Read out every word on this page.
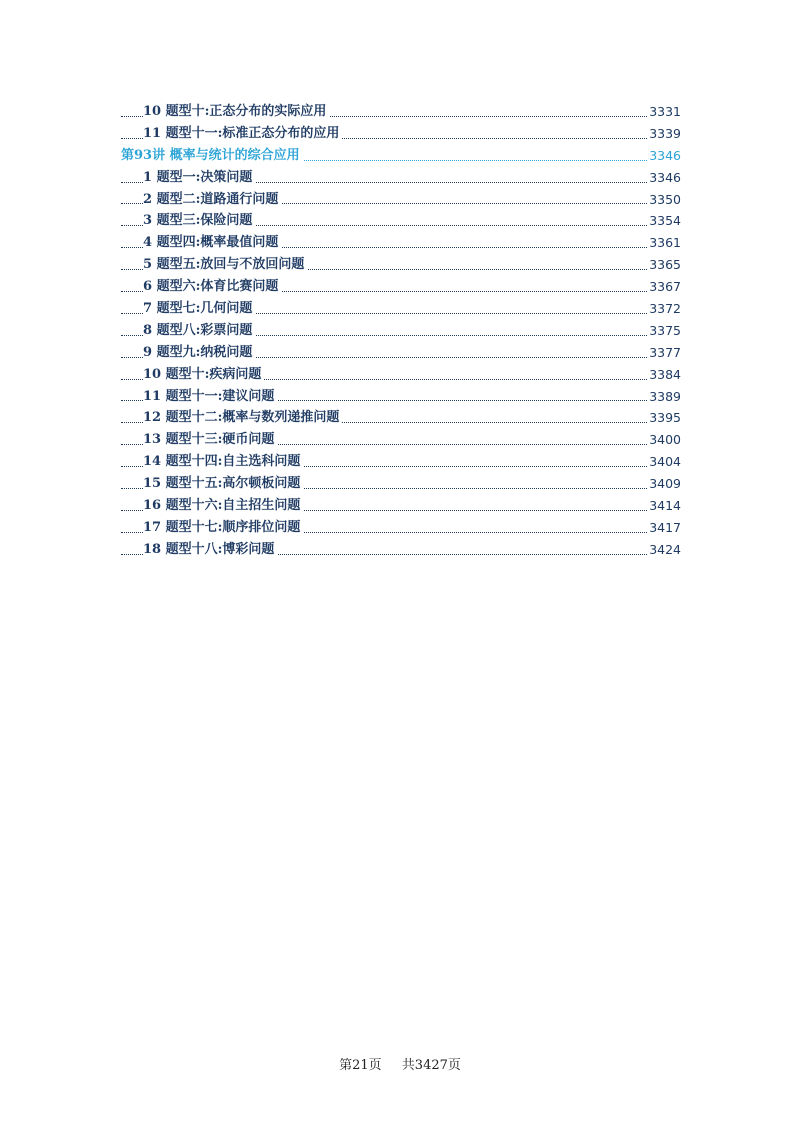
10 题型十:正态分布的实际应用	3331
11 题型十一:标准正态分布的应用	3339
第93讲 概率与统计的综合应用	3346
1 题型一:决策问题	3346
2 题型二:道路通行问题	3350
3 题型三:保险问题	3354
4 题型四:概率最值问题	3361
5 题型五:放回与不放回问题	3365
6 题型六:体育比赛问题	3367
7 题型七:几何问题	3372
8 题型八:彩票问题	3375
9 题型九:纳税问题	3377
10 题型十:疾病问题	3384
11 题型十一:建议问题	3389
12 题型十二:概率与数列递推问题	3395
13 题型十三:硬币问题	3400
14 题型十四:自主选科问题	3404
15 题型十五:高尔顿板问题	3409
16 题型十六:自主招生问题	3414
17 题型十七:顺序排位问题	3417
18 题型十八:博彩问题	3424
第21页 共3427页
